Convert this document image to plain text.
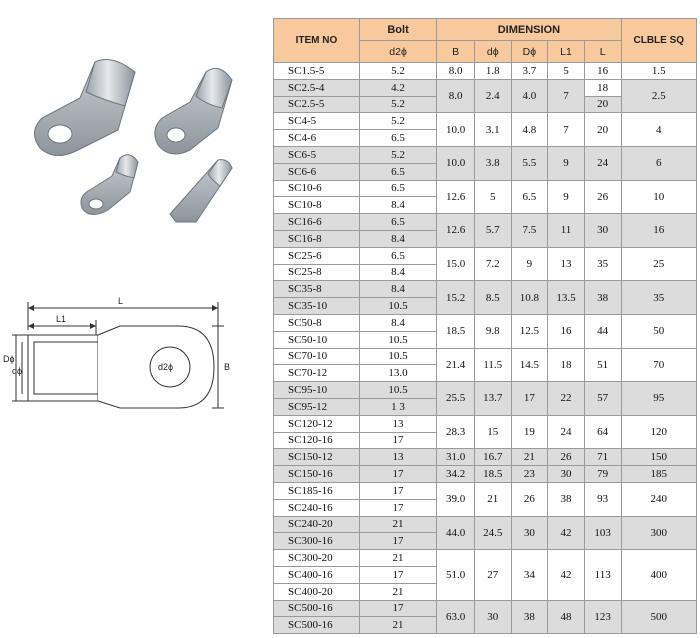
L
L1
Dϕ
dϕ	d2ϕ	B
ITEM NO	Bolt	DIMENSION					CLBLE SQ
	d2ϕ	B	dϕ	Dϕ	L1	L	
SC1.5-5	5.2	8.0	1.8	3.7	5	16	1.5
SC2.5-4	4.2	8.0	2.4	4.0	7	18	2.5
SC2.5-5	5.2					20	
SC4-5	5.2	10.0	3.1	4.8	7	20	4
SC4-6	6.5						
SC6-5	5.2	10.0	3.8	5.5	9	24	6
SC6-6	6.5						
SC10-6	6.5	12.6	5	6.5	9	26	10
SC10-8	8.4						
SC16-6	6.5	12.6	5.7	7.5	11	30	16
SC16-8	8.4						
SC25-6	6.5	15.0	7.2	9	13	35	25
SC25-8	8.4						
SC35-8	8.4	15.2	8.5	10.8	13.5	38	35
SC35-10	10.5						
SC50-8	8.4	18.5	9.8	12.5	16	44	50
SC50-10	10.5						
SC70-10	10.5	21.4	11.5	14.5	18	51	70
SC70-12	13.0						
SC95-10	10.5	25.5	13.7	17	22	57	95
SC95-12	1 3						
SC120-12	13	28.3	15	19	24	64	120
SC120-16	17						
SC150-12	13	31.0	16.7	21	26	71	150
SC150-16	17	34.2	18.5	23	30	79	185
SC185-16	17	39.0	21	26	38	93	240
SC240-16	17						
SC240-20	21	44.0	24.5	30	42	103	300
SC300-16	17						
SC300-20	21	51.0	27	34	42	113	400
SC400-16	17						
SC400-20	21						
SC500-16	17	63.0	30	38	48	123	500
SC500-16	21						
